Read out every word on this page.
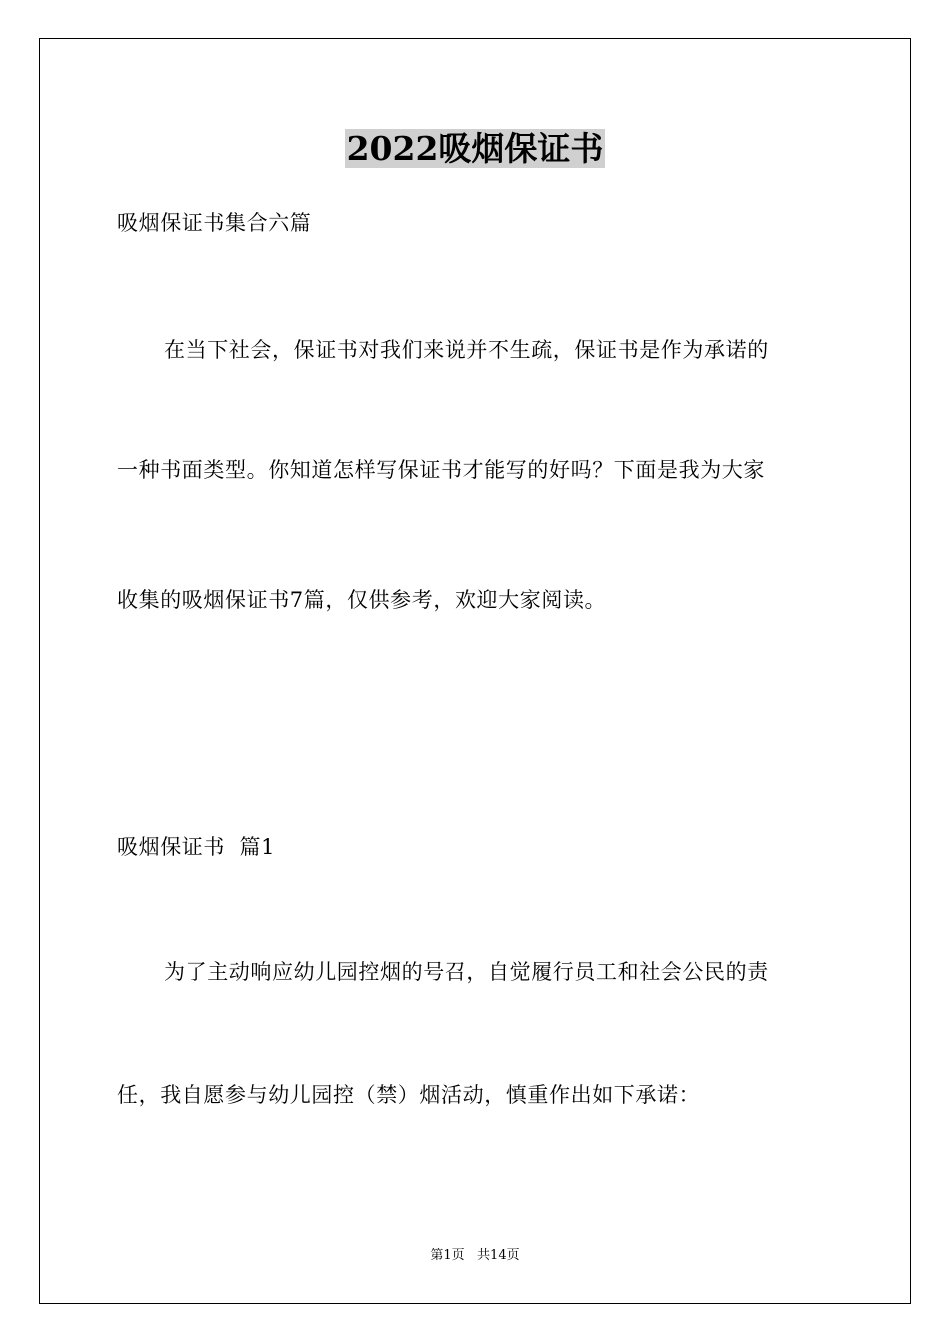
2022吸烟保证书
吸烟保证书集合六篇
在当下社会，保证书对我们来说并不生疏，保证书是作为承诺的
一种书面类型。你知道怎样写保证书才能写的好吗？下面是我为大家
收集的吸烟保证书7篇，仅供参考，欢迎大家阅读。
吸烟保证书  篇1
为了主动响应幼儿园控烟的号召，自觉履行员工和社会公民的责
任，我自愿参与幼儿园控（禁）烟活动，慎重作出如下承诺：
第1页   共14页
